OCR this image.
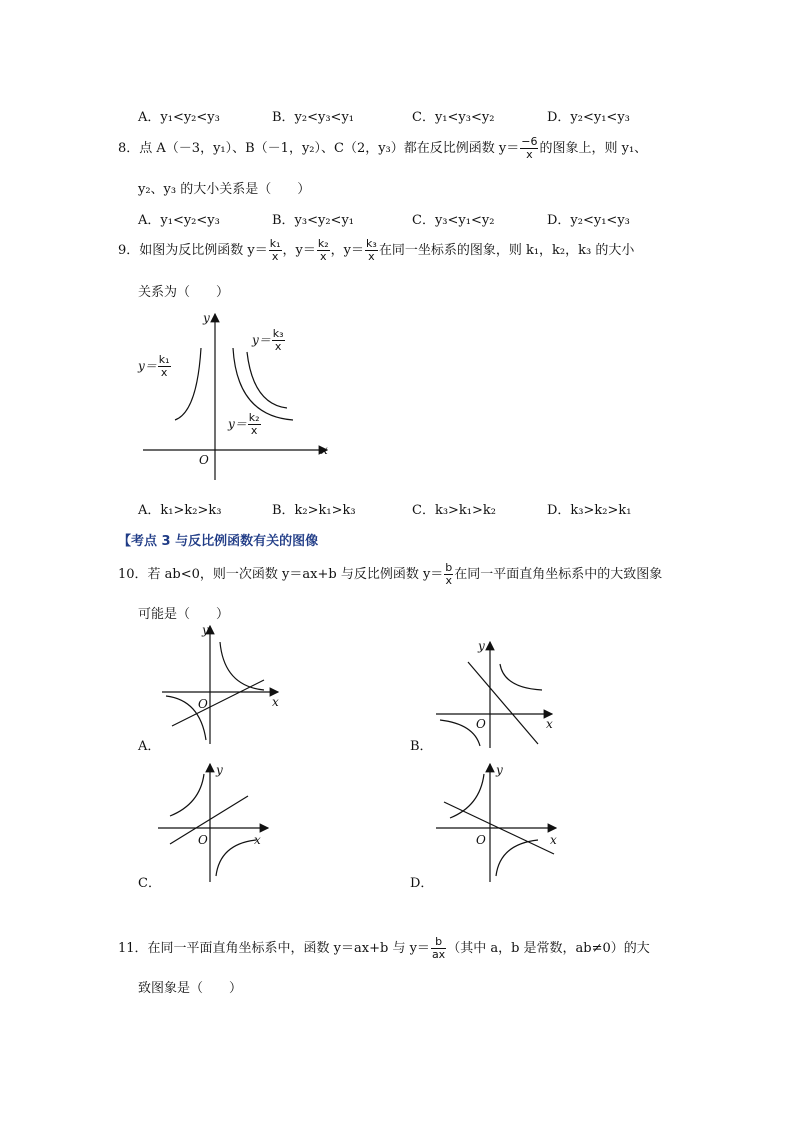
A．y₁<y₂<y₃	B．y₂<y₃<y₁	C．y₁<y₃<y₂	D．y₂<y₁<y₃
8．点 A（－3，y₁）、B（－1，y₂）、C（2，y₃）都在反比例函数 $y= \frac{-6}{x}$ 的图象上，则 y₁、
y₂、y₃ 的大小关系是（　　）
A．y₁<y₂<y₃	B．y₃<y₂<y₁	C．y₃<y₁<y₂	D．y₂<y₁<y₃
9．如图为反比例函数 $y= \frac{\text{k₁}}{x}$ ，$y= \frac{\text{k₂}}{x}$ ，$y= \frac{\text{k₃}}{x}$ 在同一坐标系的图象，则 k₁，k₂，k₃ 的大小
关系为（　　）
y
x
O
$y= \frac{\text{k₁}}{x}$
$y= \frac{\text{k₂}}{x}$
$y= \frac{\text{k₃}}{x}$
A．k₁>k₂>k₃	B．k₂>k₁>k₃	C．k₃>k₁>k₂	D．k₃>k₂>k₁
【考点 3 与反比例函数有关的图像
10．若 ab<0，则一次函数 y＝ax+b 与反比例函数 $y= \frac{b}{x}$ 在同一平面直角坐标系中的大致图象
可能是（　　）
y
x
O
A．
y
x
O
B．
y
x
O
C．
y
x
O
D．
11．在同一平面直角坐标系中，函数 y＝ax+b 与 $y= \frac{b}{ax}$ （其中 a，b 是常数，ab≠0）的大
致图象是（　　）
